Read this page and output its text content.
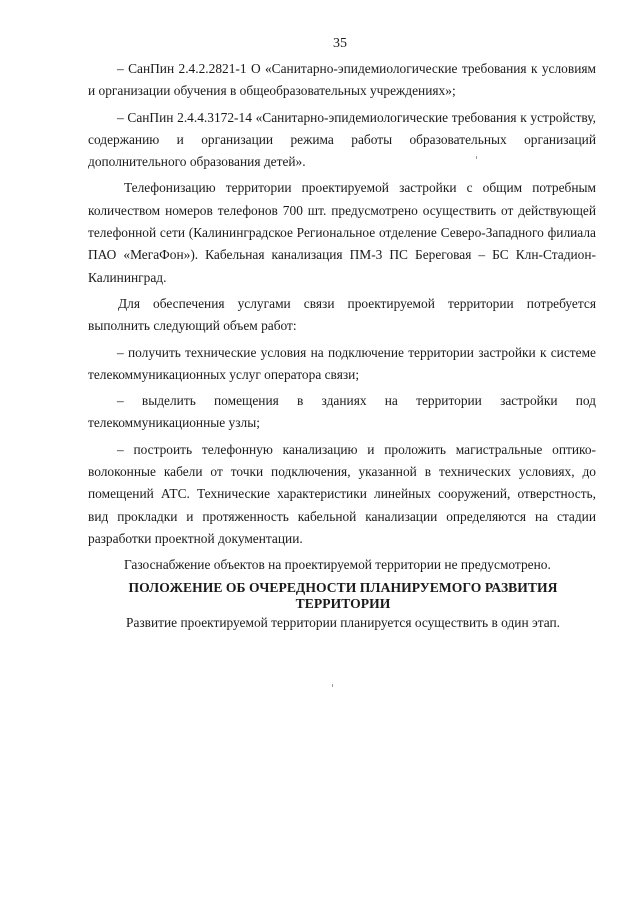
35

– СанПин 2.4.2.2821-1 О «Санитарно-эпидемиологические требования к условиям и организации обучения в общеобразовательных учреждениях»;

– СанПин 2.4.4.3172-14 «Санитарно-эпидемиологические требования к устройству, содержанию и организации режима работы образовательных организаций дополнительного образования детей».

Телефонизацию территории проектируемой застройки с общим потребным количеством номеров телефонов 700 шт. предусмотрено осуществить от действующей телефонной сети (Калининградское Региональное отделение Северо-Западного филиала ПАО «МегаФон»). Кабельная канализация ПМ-3 ПС Береговая – БС Клн-Стадион-Калининград.

Для обеспечения услугами связи проектируемой территории потребуется выполнить следующий объем работ:

– получить технические условия на подключение территории застройки к системе телекоммуникационных услуг оператора связи;

– выделить помещения в зданиях на территории застройки под телекоммуникационные узлы;

– построить телефонную канализацию и проложить магистральные оптико-волоконные кабели от точки подключения, указанной в технических условиях, до помещений АТС. Технические характеристики линейных сооружений, отверстность, вид прокладки и протяженность кабельной канализации определяются на стадии разработки проектной документации.

Газоснабжение объектов на проектируемой территории не предусмотрено.

ПОЛОЖЕНИЕ ОБ ОЧЕРЕДНОСТИ ПЛАНИРУЕМОГО РАЗВИТИЯ ТЕРРИТОРИИ

Развитие проектируемой территории планируется осуществить в один этап.
